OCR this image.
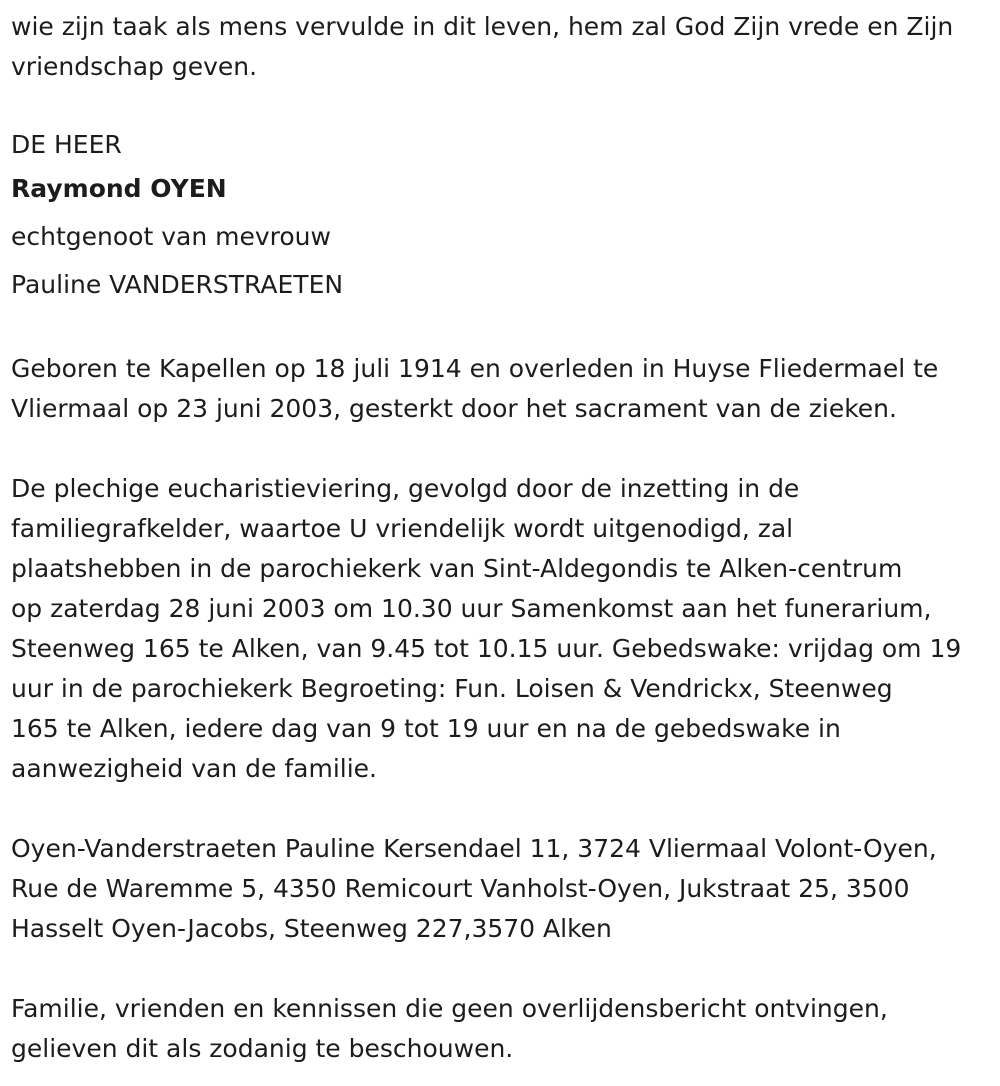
wie zijn taak als mens vervulde in dit leven, hem zal God Zijn vrede en Zijn

vriendschap geven.

DE HEER

Raymond OYEN

echtgenoot van mevrouw

Pauline VANDERSTRAETEN

Geboren te Kapellen op 18 juli 1914 en overleden in Huyse Fliedermael te

Vliermaal op 23 juni 2003, gesterkt door het sacrament van de zieken.

De plechige eucharistieviering, gevolgd door de inzetting in de

familiegrafkelder, waartoe U vriendelijk wordt uitgenodigd, zal

plaatshebben in de parochiekerk van Sint-Aldegondis te Alken-centrum

op zaterdag 28 juni 2003 om 10.30 uur Samenkomst aan het funerarium,

Steenweg 165 te Alken, van 9.45 tot 10.15 uur. Gebedswake: vrijdag om 19

uur in de parochiekerk Begroeting: Fun. Loisen & Vendrickx, Steenweg

165 te Alken, iedere dag van 9 tot 19 uur en na de gebedswake in

aanwezigheid van de familie.

Oyen-Vanderstraeten Pauline Kersendael 11, 3724 Vliermaal Volont-Oyen,

Rue de Waremme 5, 4350 Remicourt Vanholst-Oyen, Jukstraat 25, 3500

Hasselt Oyen-Jacobs, Steenweg 227,3570 Alken

Familie, vrienden en kennissen die geen overlijdensbericht ontvingen,

gelieven dit als zodanig te beschouwen.
